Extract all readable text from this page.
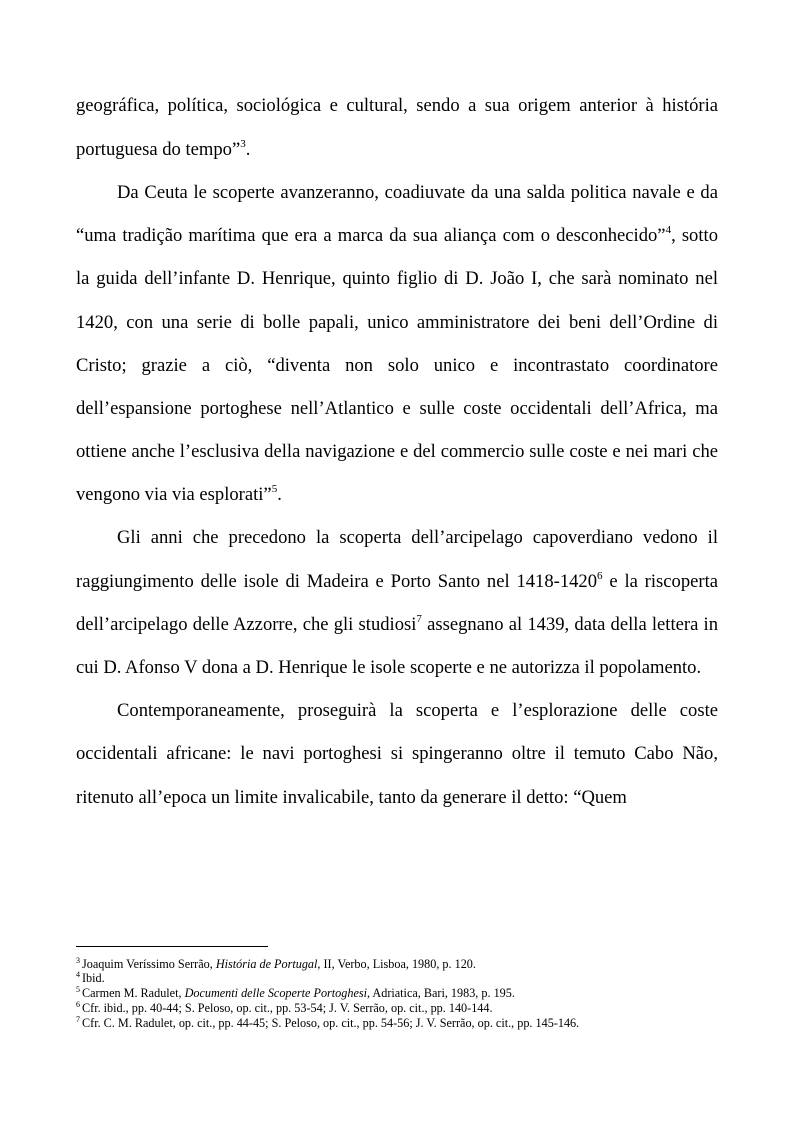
geográfica, política, sociológica e cultural, sendo a sua origem anterior à história
portuguesa do tempo”$^3$.
Da Ceuta le scoperte avanzeranno, coadiuvate da una salda politica navale e da
“uma tradição marítima que era a marca da sua aliança com o desconhecido”$^4$, sotto
la guida dell’infante D. Henrique, quinto figlio di D. João I, che sarà nominato nel
1420, con una serie di bolle papali, unico amministratore dei beni dell’Ordine di
Cristo; grazie a ciò, “diventa non solo unico e incontrastato coordinatore
dell’espansione portoghese nell’Atlantico e sulle coste occidentali dell’Africa, ma
ottiene anche l’esclusiva della navigazione e del commercio sulle coste e nei mari che
vengono via via esplorati”$^5$.
Gli anni che precedono la scoperta dell’arcipelago capoverdiano vedono il
raggiungimento delle isole di Madeira e Porto Santo nel 1418-1420$^6$ e la riscoperta
dell’arcipelago delle Azzorre, che gli studiosi$^7$ assegnano al 1439, data della lettera in
cui D. Afonso V dona a D. Henrique le isole scoperte e ne autorizza il popolamento.
Contemporaneamente, proseguirà la scoperta e l’esplorazione delle coste
occidentali africane: le navi portoghesi si spingeranno oltre il temuto Cabo Não,
ritenuto all’epoca un limite invalicabile, tanto da generare il detto: “Quem
$^3$ Joaquim Veríssimo Serrão, História de Portugal, II, Verbo, Lisboa, 1980, p. 120.
$^4$ Ibid.
$^5$ Carmen M. Radulet, Documenti delle Scoperte Portoghesi, Adriatica, Bari, 1983, p. 195.
$^6$ Cfr. ibid., pp. 40-44; S. Peloso, op. cit., pp. 53-54; J. V. Serrão, op. cit., pp. 140-144.
$^7$ Cfr. C. M. Radulet, op. cit., pp. 44-45; S. Peloso, op. cit., pp. 54-56; J. V. Serrão, op. cit., pp. 145-146.
